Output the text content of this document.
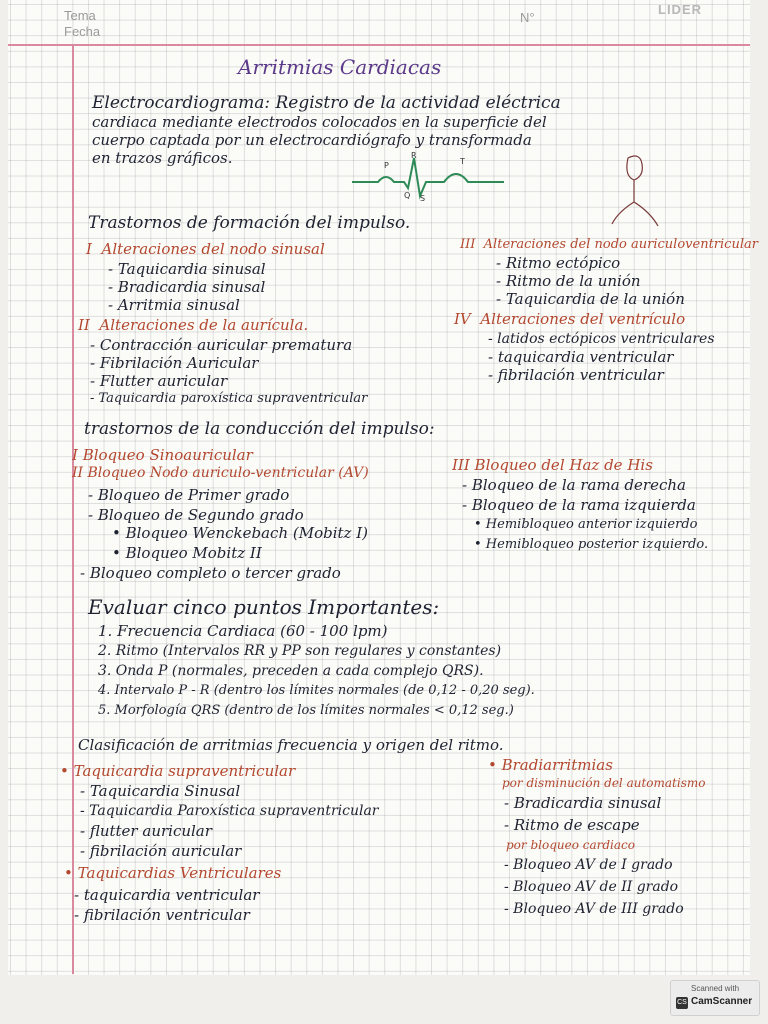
Tema
Fecha
N°
LIDER
Arritmias Cardiacas
Electrocardiograma: Registro de la actividad eléctrica
cardiaca mediante electrodos colocados en la superficie del
cuerpo captada por un electrocardiógrafo y transformada
en trazos gráficos.	P
R
T
Q S
Trastornos de formación del impulso.
I Alteraciones del nodo sinusal
- Taquicardia sinusal
- Bradicardia sinusal
- Arritmia sinusal
II Alteraciones de la aurícula.
- Contracción auricular prematura
- Fibrilación Auricular
- Flutter auricular
- Taquicardia paroxística supraventricular
III Alteraciones del nodo auriculoventricular
- Ritmo ectópico
- Ritmo de la unión
- Taquicardia de la unión
IV Alteraciones del ventrículo
- latidos ectópicos ventriculares
- taquicardia ventricular
- fibrilación ventricular
trastornos de la conducción del impulso:
I Bloqueo Sinoauricular
II Bloqueo Nodo auriculo-ventricular (AV)
- Bloqueo de Primer grado
- Bloqueo de Segundo grado
• Bloqueo Wenckebach (Mobitz I)
• Bloqueo Mobitz II
- Bloqueo completo o tercer grado
III Bloqueo del Haz de His
- Bloqueo de la rama derecha
- Bloqueo de la rama izquierda
• Hemibloqueo anterior izquierdo
• Hemibloqueo posterior izquierdo.
Evaluar cinco puntos Importantes:
1. Frecuencia Cardiaca (60 - 100 lpm)
2. Ritmo (Intervalos RR y PP son regulares y constantes)
3. Onda P (normales, preceden a cada complejo QRS).
4. Intervalo P - R (dentro los límites normales (de 0,12 - 0,20 seg).
5. Morfología QRS (dentro de los límites normales < 0,12 seg.)
Clasificación de arritmias frecuencia y origen del ritmo.
• Taquicardia supraventricular
- Taquicardia Sinusal
- Taquicardia Paroxística supraventricular
- flutter auricular
- fibrilación auricular
• Taquicardias Ventriculares
- taquicardia ventricular
- fibrilación ventricular
• Bradiarritmias
por disminución del automatismo
- Bradicardia sinusal
- Ritmo de escape
por bloqueo cardiaco
- Bloqueo AV de I grado
- Bloqueo AV de II grado
- Bloqueo AV de III grado
Scanned with
CS CamScanner
